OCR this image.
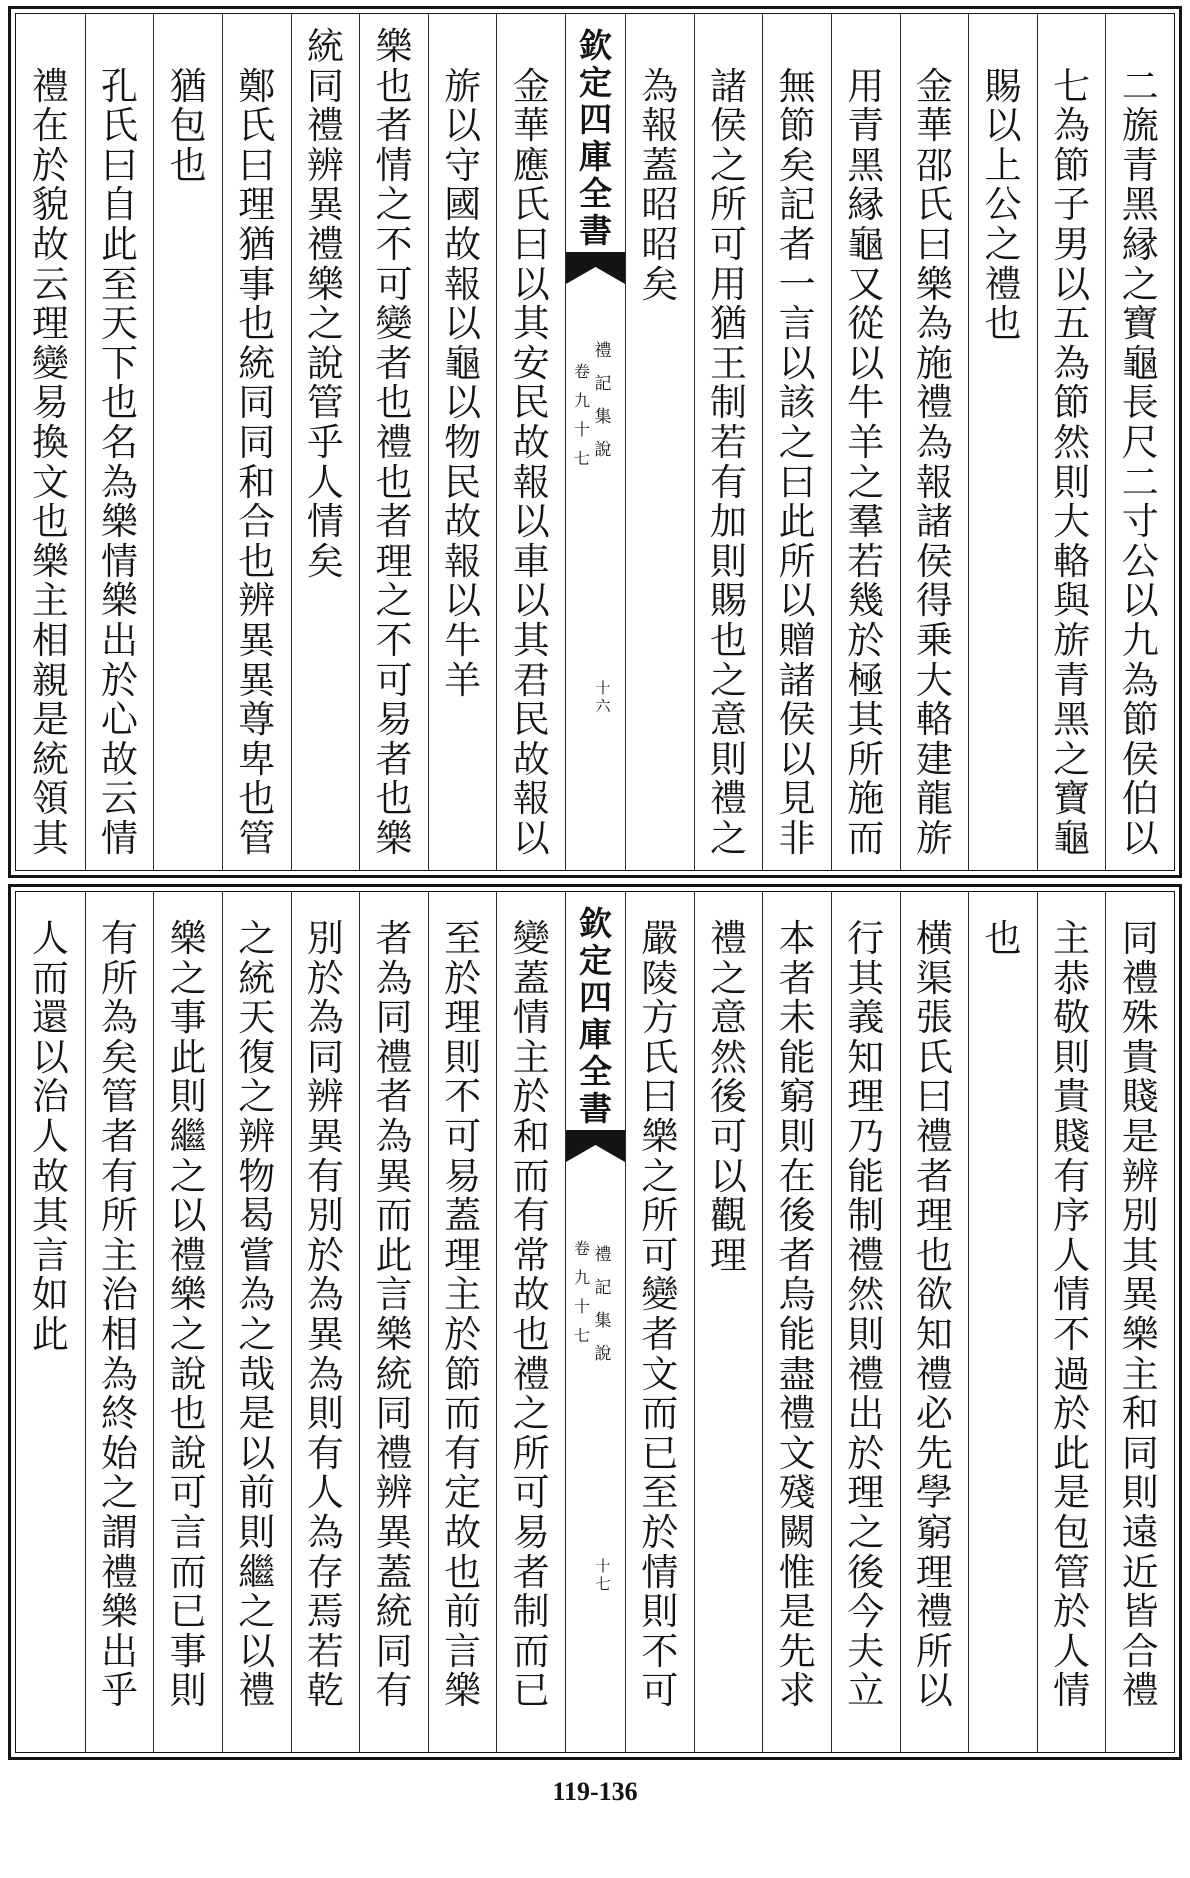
二
旒
青
黑
縁
之
寶
龜
長
尺
二
寸
公
以
九
為
節
侯
伯
以
七
為
節
子
男
以
五
為
節
然
則
大
輅
與
旂
青
黑
之
寶
龜
賜
以
上
公
之
禮
也
金
華
邵
氏
曰
樂
為
施
禮
為
報
諸
侯
得
乗
大
輅
建
龍
旂
用
青
黑
縁
龜
又
從
以
牛
羊
之
羣
若
幾
於
極
其
所
施
而
無
節
矣
記
者
一
言
以
該
之
曰
此
所
以
贈
諸
侯
以
見
非
諸
侯
之
所
可
用
猶
王
制
若
有
加
則
賜
也
之
意
則
禮
之
為
報
蓋
昭
昭
矣
欽
定
四
庫
全
書
禮
記
集
說
卷
九
十
七
十
六
金
華
應
氏
曰
以
其
安
民
故
報
以
車
以
其
君
民
故
報
以
旂
以
守
國
故
報
以
龜
以
物
民
故
報
以
牛
羊
樂
也
者
情
之
不
可
變
者
也
禮
也
者
理
之
不
可
易
者
也
樂
統
同
禮
辨
異
禮
樂
之
說
管
乎
人
情
矣
鄭
氏
曰
理
猶
事
也
統
同
同
和
合
也
辨
異
異
尊
卑
也
管
猶
包
也
孔
氏
曰
自
此
至
天
下
也
名
為
樂
情
樂
出
於
心
故
云
情
禮
在
於
貌
故
云
理
變
易
換
文
也
樂
主
相
親
是
統
領
其
同
禮
殊
貴
賤
是
辨
別
其
異
樂
主
和
同
則
遠
近
皆
合
禮
主
恭
敬
則
貴
賤
有
序
人
情
不
過
於
此
是
包
管
於
人
情
也
横
渠
張
氏
曰
禮
者
理
也
欲
知
禮
必
先
學
窮
理
禮
所
以
行
其
義
知
理
乃
能
制
禮
然
則
禮
出
於
理
之
後
今
夫
立
本
者
未
能
窮
則
在
後
者
烏
能
盡
禮
文
殘
闕
惟
是
先
求
禮
之
意
然
後
可
以
觀
理
嚴
陵
方
氏
曰
樂
之
所
可
變
者
文
而
已
至
於
情
則
不
可
欽
定
四
庫
全
書
禮
記
集
說
卷
九
十
七
十
七
變
蓋
情
主
於
和
而
有
常
故
也
禮
之
所
可
易
者
制
而
已
至
於
理
則
不
可
易
蓋
理
主
於
節
而
有
定
故
也
前
言
樂
者
為
同
禮
者
為
異
而
此
言
樂
統
同
禮
辨
異
蓋
統
同
有
別
於
為
同
辨
異
有
別
於
為
異
為
則
有
人
為
存
焉
若
乾
之
統
天
復
之
辨
物
曷
嘗
為
之
哉
是
以
前
則
繼
之
以
禮
樂
之
事
此
則
繼
之
以
禮
樂
之
說
也
說
可
言
而
已
事
則
有
所
為
矣
管
者
有
所
主
治
相
為
終
始
之
謂
禮
樂
出
乎
人
而
還
以
治
人
故
其
言
如
此
119-136
